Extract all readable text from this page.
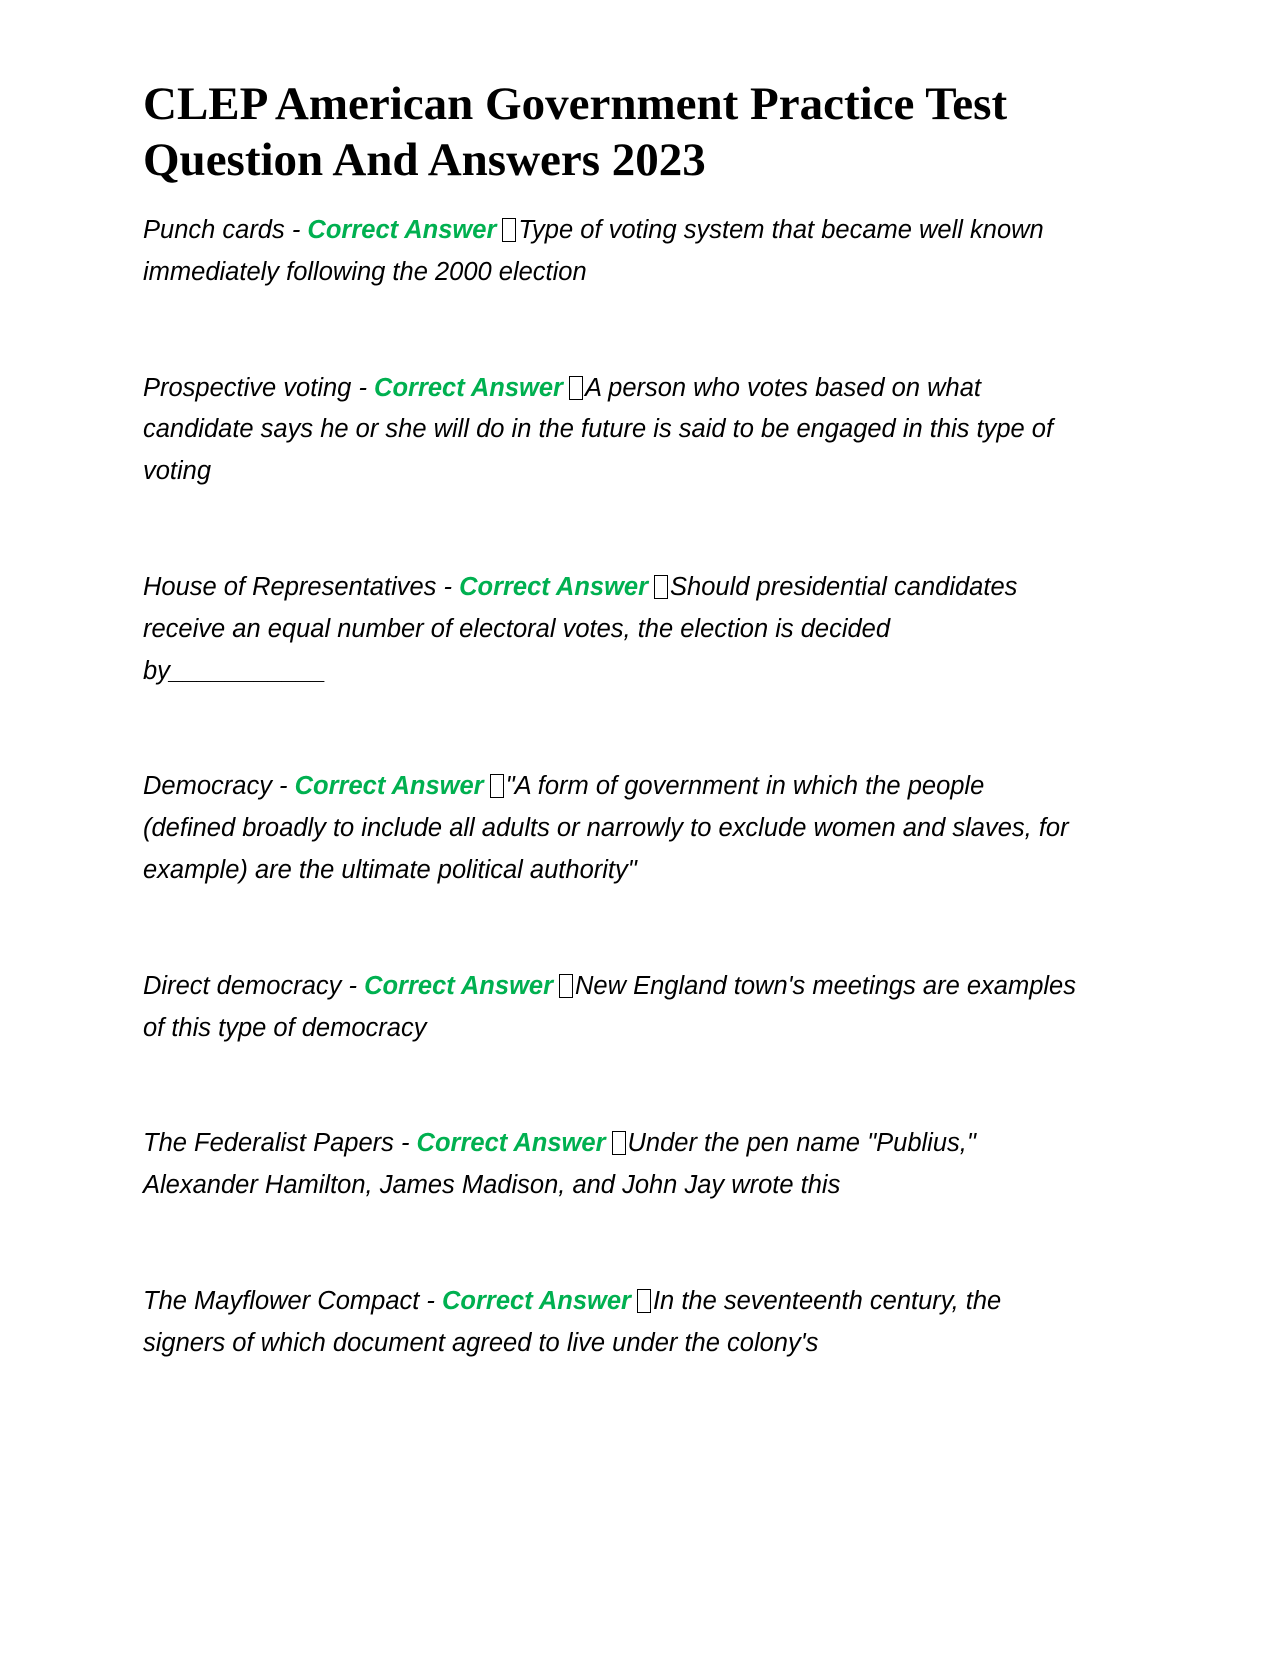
CLEP American Government Practice Test Question And Answers 2023

Punch cards - Correct Answer Type of voting system that became well known immediately following the 2000 election

Prospective voting - Correct Answer A person who votes based on what candidate says he or she will do in the future is said to be engaged in this type of voting

House of Representatives - Correct Answer Should presidential candidates receive an equal number of electoral votes, the election is decided by___________

Democracy - Correct Answer "A form of government in which the people (defined broadly to include all adults or narrowly to exclude women and slaves, for example) are the ultimate political authority"

Direct democracy - Correct Answer New England town's meetings are examples of this type of democracy

The Federalist Papers - Correct Answer Under the pen name "Publius," Alexander Hamilton, James Madison, and John Jay wrote this

The Mayflower Compact - Correct Answer In the seventeenth century, the signers of which document agreed to live under the colony's
